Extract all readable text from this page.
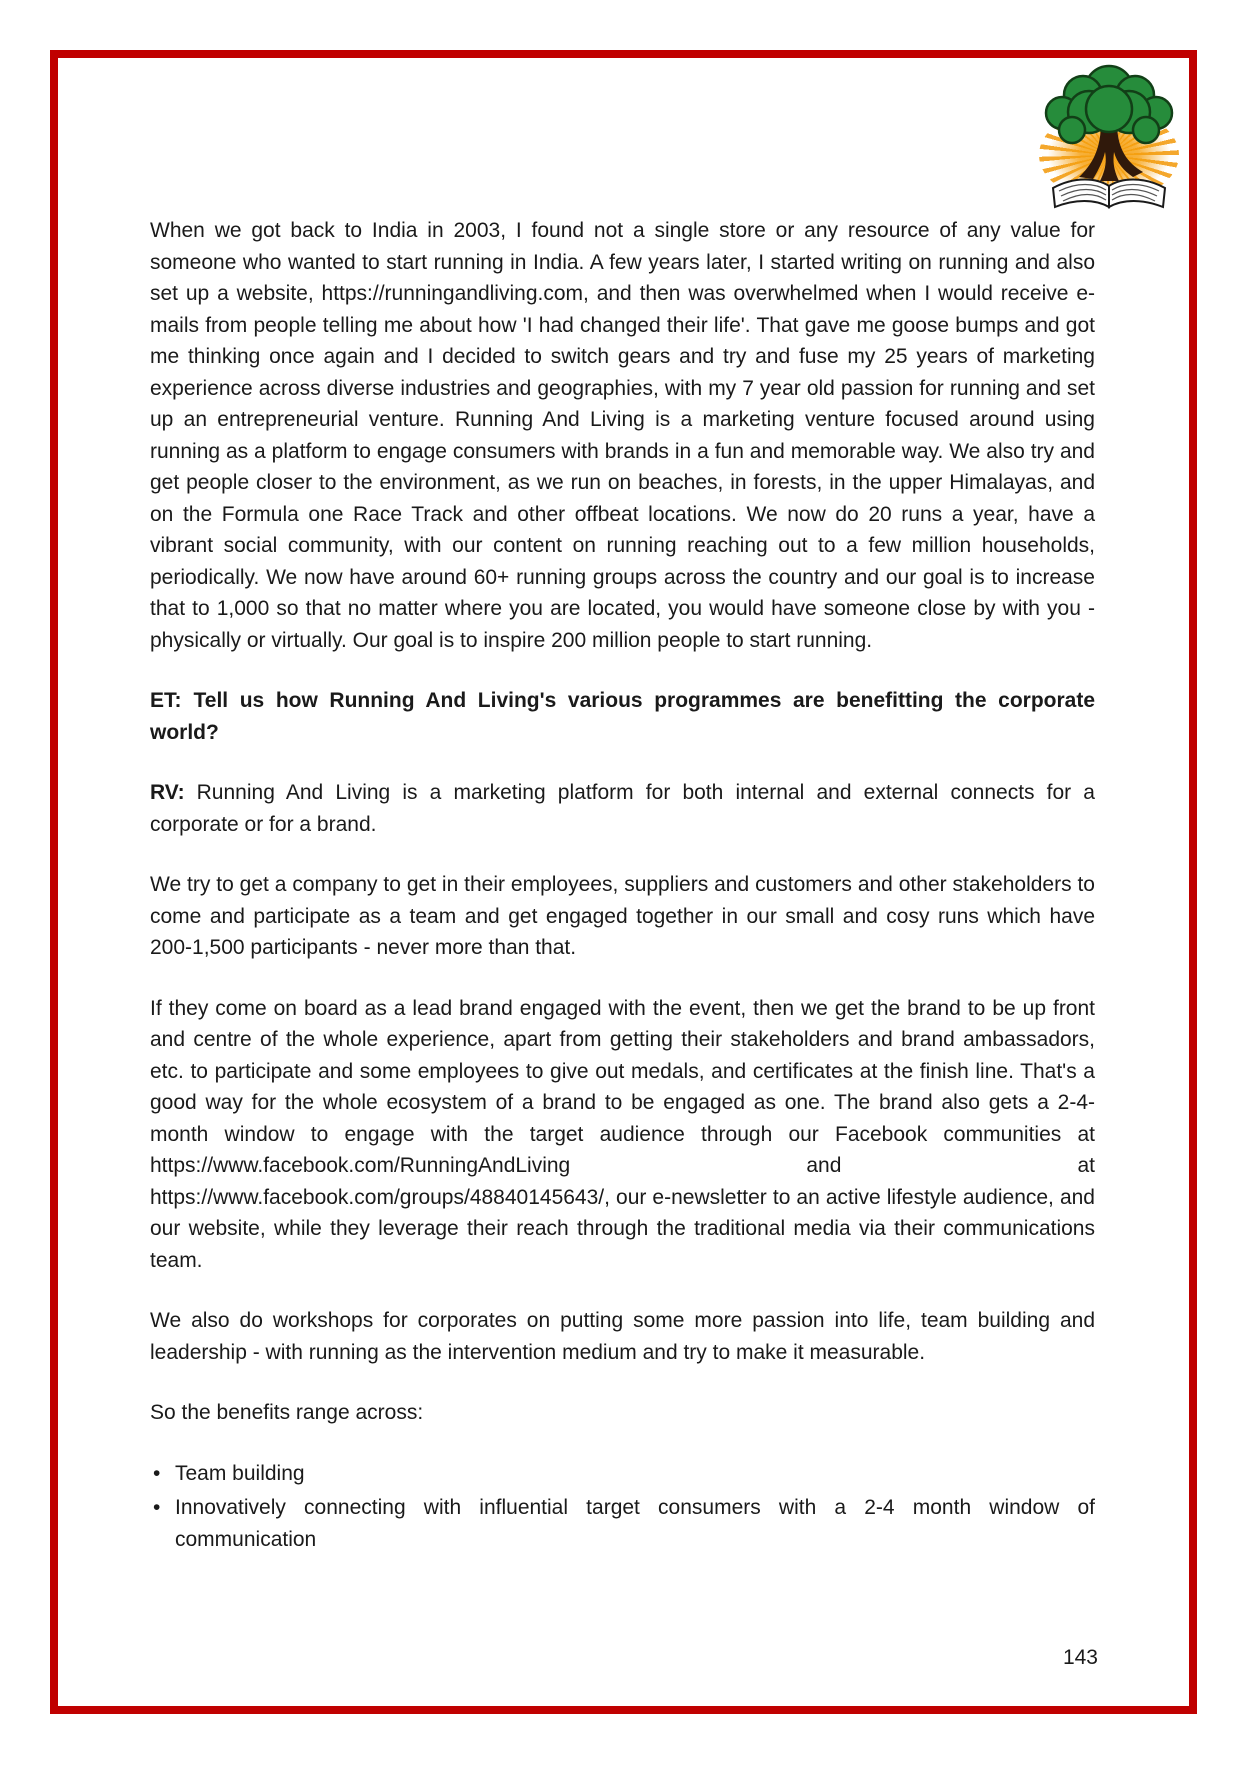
When we got back to India in 2003, I found not a single store or any resource of any value for someone who wanted to start running in India. A few years later, I started writing on running and also set up a website, https://runningandliving.com, and then was overwhelmed when I would receive e-mails from people telling me about how 'I had changed their life'. That gave me goose bumps and got me thinking once again and I decided to switch gears and try and fuse my 25 years of marketing experience across diverse industries and geographies, with my 7 year old passion for running and set up an entrepreneurial venture. Running And Living is a marketing venture focused around using running as a platform to engage consumers with brands in a fun and memorable way. We also try and get people closer to the environment, as we run on beaches, in forests, in the upper Himalayas, and on the Formula one Race Track and other offbeat locations. We now do 20 runs a year, have a vibrant social community, with our content on running reaching out to a few million households, periodically. We now have around 60+ running groups across the country and our goal is to increase that to 1,000 so that no matter where you are located, you would have someone close by with you - physically or virtually. Our goal is to inspire 200 million people to start running.

ET: Tell us how Running And Living's various programmes are benefitting the corporate world?

RV: Running And Living is a marketing platform for both internal and external connects for a corporate or for a brand.

We try to get a company to get in their employees, suppliers and customers and other stakeholders to come and participate as a team and get engaged together in our small and cosy runs which have 200-1,500 participants - never more than that.

If they come on board as a lead brand engaged with the event, then we get the brand to be up front and centre of the whole experience, apart from getting their stakeholders and brand ambassadors, etc. to participate and some employees to give out medals, and certificates at the finish line. That's a good way for the whole ecosystem of a brand to be engaged as one. The brand also gets a 2-4-month window to engage with the target audience through our Facebook communities at https://www.facebook.com/RunningAndLiving and at https://www.facebook.com/groups/48840145643/, our e-newsletter to an active lifestyle audience, and our website, while they leverage their reach through the traditional media via their communications team.

We also do workshops for corporates on putting some more passion into life, team building and leadership - with running as the intervention medium and try to make it measurable.

So the benefits range across:

• Team building
• Innovatively connecting with influential target consumers with a 2-4 month window of communication
143
